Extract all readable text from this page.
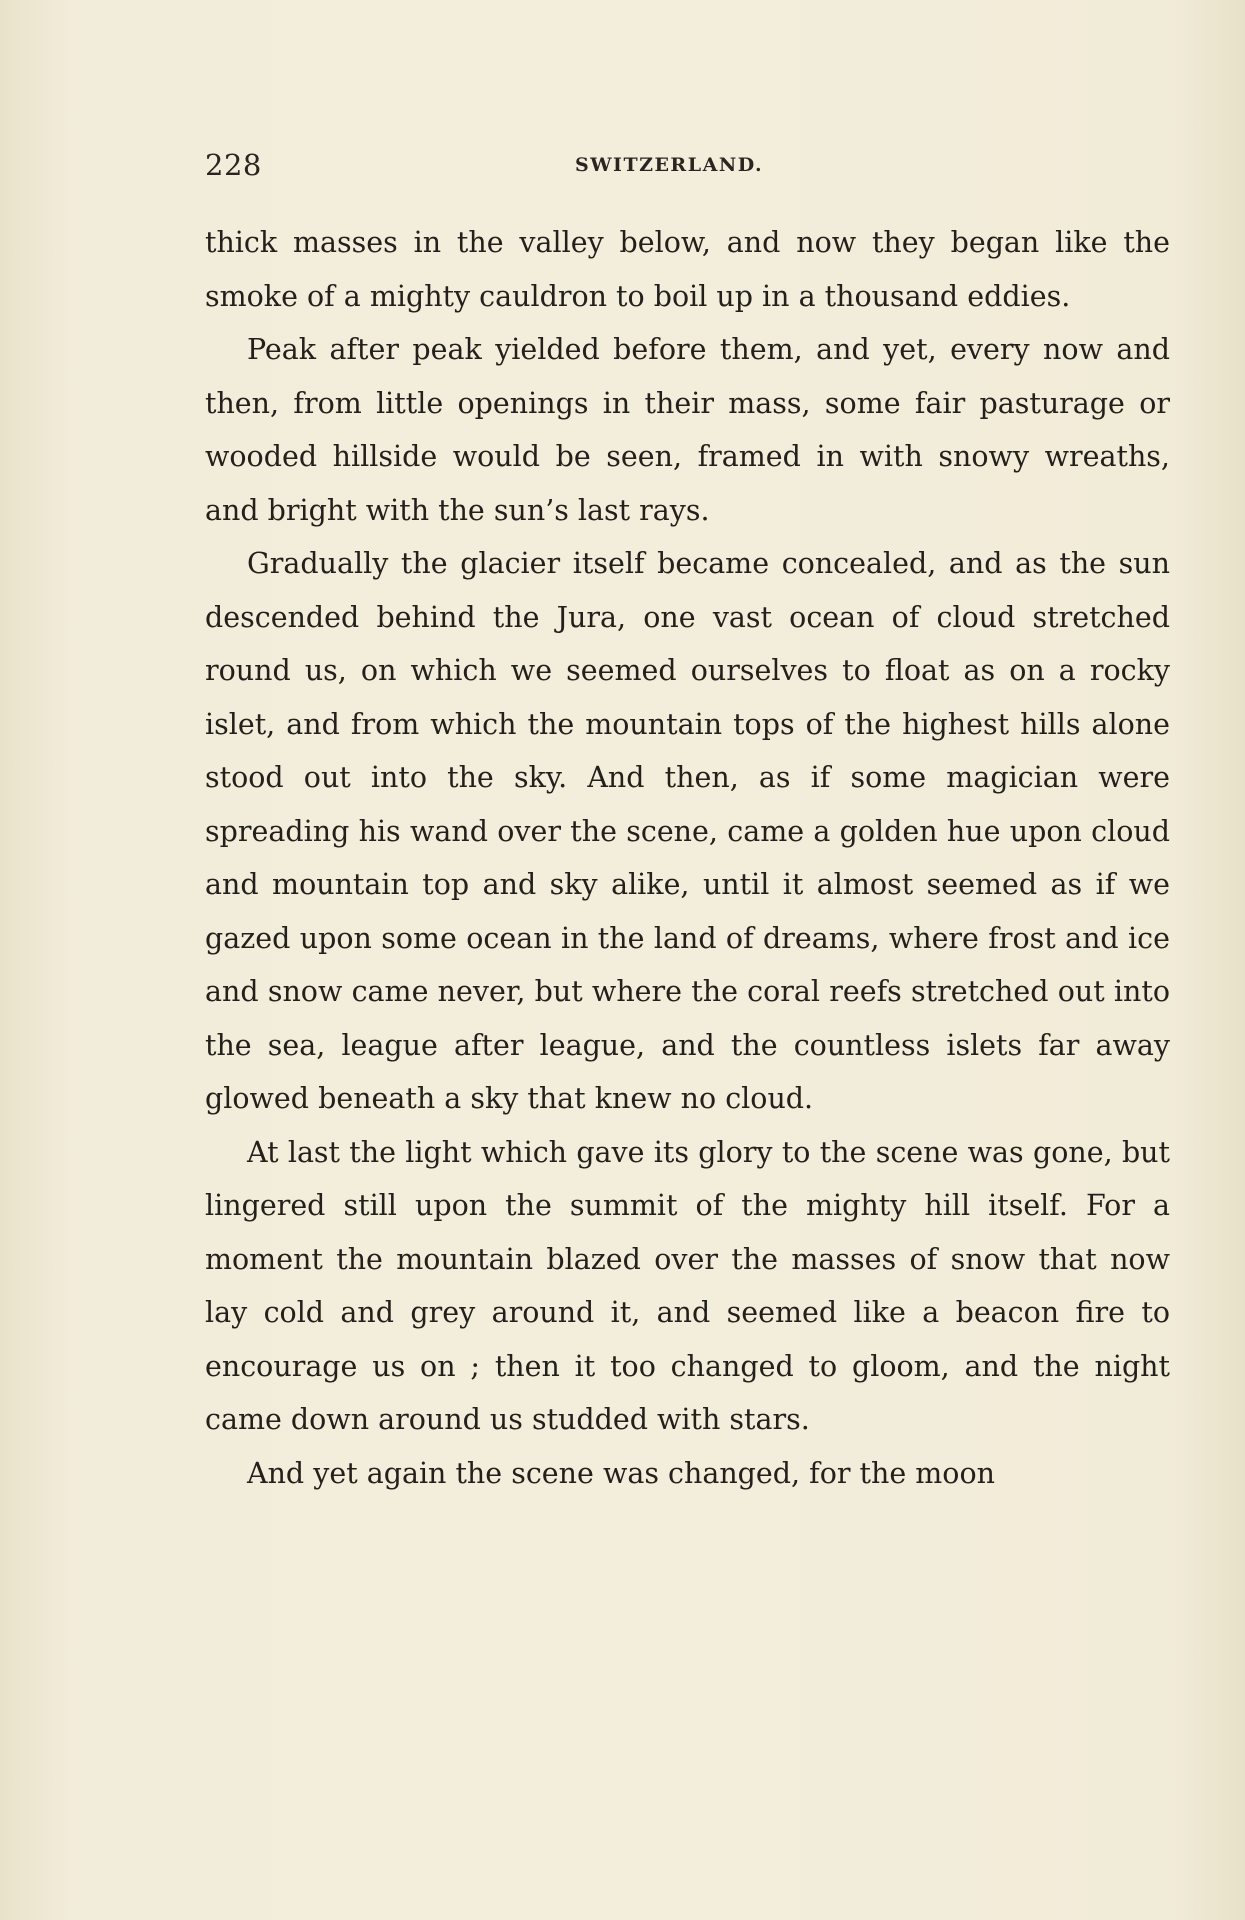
228	SWITZERLAND.

thick masses in the valley below, and now they began like the smoke of a mighty cauldron to boil up in a thousand eddies.

Peak after peak yielded before them, and yet, every now and then, from little openings in their mass, some fair pasturage or wooded hillside would be seen, framed in with snowy wreaths, and bright with the sun’s last rays.

Gradually the glacier itself became concealed, and as the sun descended behind the Jura, one vast ocean of cloud stretched round us, on which we seemed ourselves to float as on a rocky islet, and from which the mountain tops of the highest hills alone stood out into the sky. And then, as if some magician were spreading his wand over the scene, came a golden hue upon cloud and mountain top and sky alike, until it almost seemed as if we gazed upon some ocean in the land of dreams, where frost and ice and snow came never, but where the coral reefs stretched out into the sea, league after league, and the countless islets far away glowed beneath a sky that knew no cloud.

At last the light which gave its glory to the scene was gone, but lingered still upon the summit of the mighty hill itself. For a moment the mountain blazed over the masses of snow that now lay cold and grey around it, and seemed like a beacon fire to encourage us on ; then it too changed to gloom, and the night came down around us studded with stars.

And yet again the scene was changed, for the moon
